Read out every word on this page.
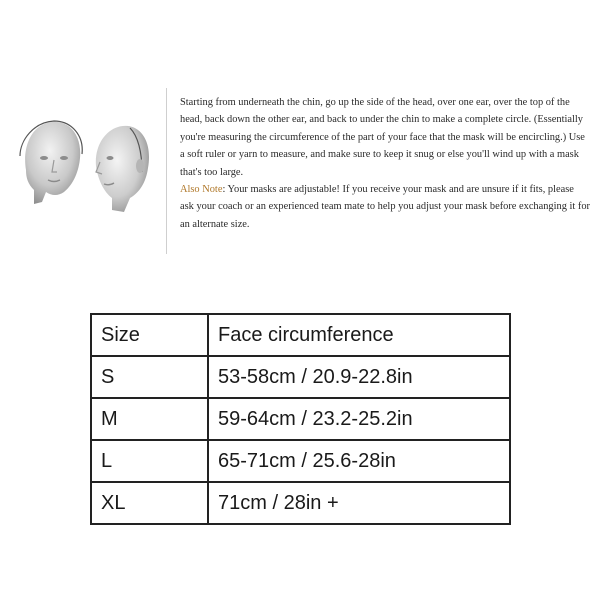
Starting from underneath the chin, go up the side of the head, over one ear, over the top of the head, back down the other ear, and back to under the chin to make a complete circle. (Essentially you're measuring the circumference of the part of your face that the mask will be encircling.) Use a soft ruler or yarn to measure, and make sure to keep it snug or else you'll wind up with a mask that's too large.

Also Note: Your masks are adjustable! If you receive your mask and are unsure if it fits, please ask your coach or an experienced team mate to help you adjust your mask before exchanging it for an alternate size.

Size	Face circumference
S	53-58cm / 20.9-22.8in
M	59-64cm / 23.2-25.2in
L	65-71cm / 25.6-28in
XL	71cm / 28in +
